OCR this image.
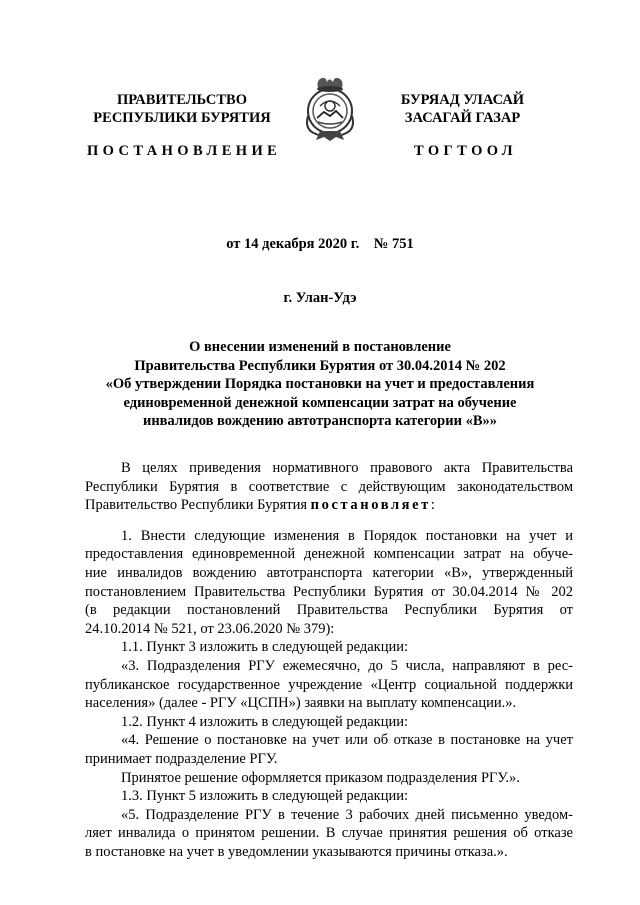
ПРАВИТЕЛЬСТВО
РЕСПУБЛИКИ БУРЯТИЯ
БУРЯАД УЛАСАЙ
ЗАСАГАЙ ГАЗАР
ПОСТАНОВЛЕНИЕ	ТОГТООЛ
от 14 декабря 2020 г.    № 751
г. Улан-Удэ
О внесении изменений в постановление
Правительства Республики Бурятия от 30.04.2014 № 202
«Об утверждении Порядка постановки на учет и предоставления
единовременной денежной компенсации затрат на обучение
инвалидов вождению автотранспорта категории «В»»

В целях приведения нормативного правового акта Правительства

Республики Бурятия в соответствие с действующим законодательством

Правительство Республики Бурятия постановляет:

1. Внести следующие изменения в Порядок постановки на учет и

предоставления единовременной денежной компенсации затрат на обуче-

ние инвалидов вождению автотранспорта категории «В», утвержденный

постановлением Правительства Республики Бурятия от 30.04.2014 № 202

(в редакции постановлений Правительства Республики Бурятия от

24.10.2014 № 521, от 23.06.2020 № 379):

1.1. Пункт 3 изложить в следующей редакции:

«3. Подразделения РГУ ежемесячно, до 5 числа, направляют в рес-

публиканское государственное учреждение «Центр социальной поддержки

населения» (далее - РГУ «ЦСПН») заявки на выплату компенсации.».

1.2. Пункт 4 изложить в следующей редакции:

«4. Решение о постановке на учет или об отказе в постановке на учет

принимает подразделение РГУ.

Принятое решение оформляется приказом подразделения РГУ.».

1.3. Пункт 5 изложить в следующей редакции:

«5. Подразделение РГУ в течение 3 рабочих дней письменно уведом-

ляет инвалида о принятом решении. В случае принятия решения об отказе

в постановке на учет в уведомлении указываются причины отказа.».
